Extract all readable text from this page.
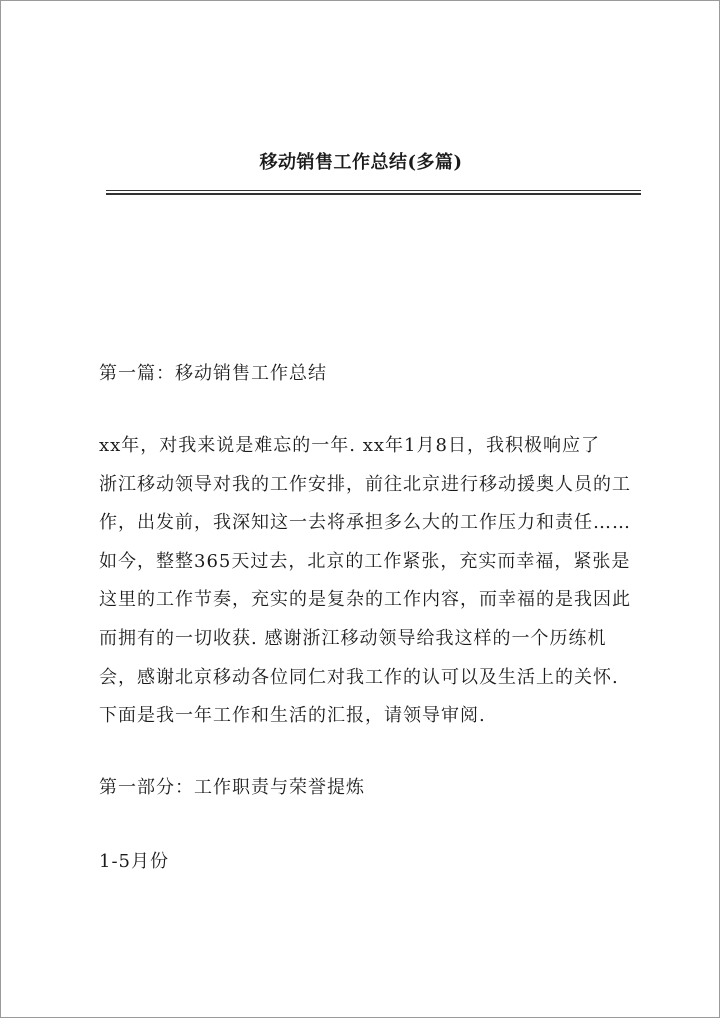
移动销售工作总结(多篇)
第一篇：移动销售工作总结
xx年，对我来说是难忘的一年. xx年1月8日，我积极响应了
浙江移动领导对我的工作安排，前往北京进行移动援奥人员的工
作，出发前，我深知这一去将承担多么大的工作压力和责任……
如今，整整365天过去，北京的工作紧张，充实而幸福，紧张是
这里的工作节奏，充实的是复杂的工作内容，而幸福的是我因此
而拥有的一切收获. 感谢浙江移动领导给我这样的一个历练机
会，感谢北京移动各位同仁对我工作的认可以及生活上的关怀.
下面是我一年工作和生活的汇报，请领导审阅.
第一部分：工作职责与荣誉提炼
1-5月份
